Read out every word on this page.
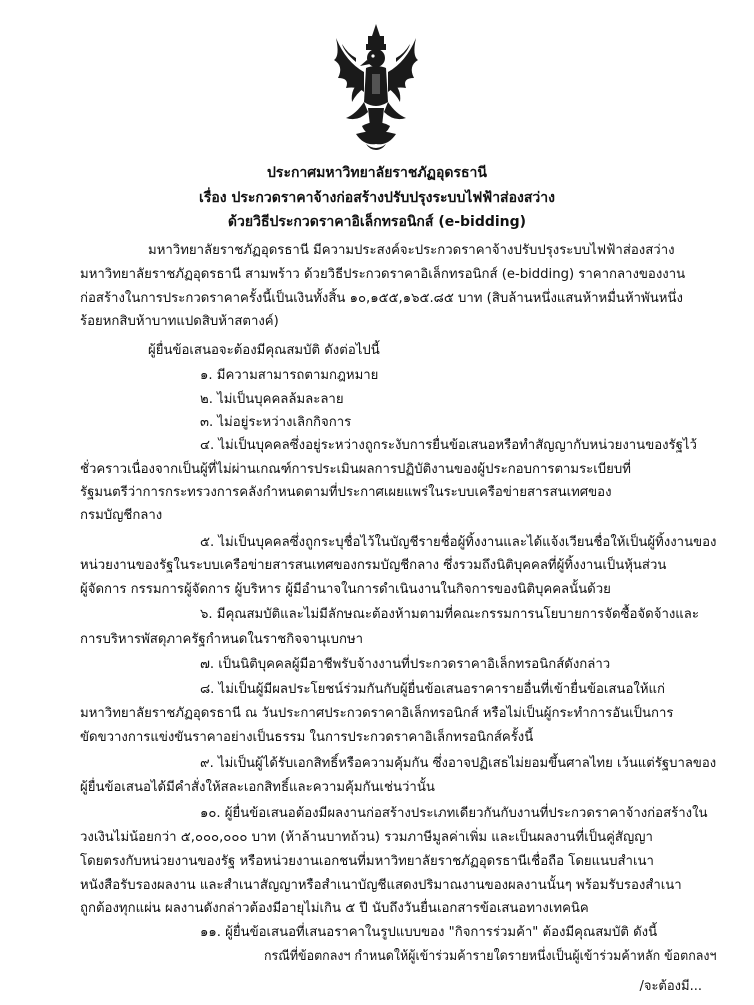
ประกาศมหาวิทยาลัยราชภัฏอุดรธานี
เรื่อง ประกวดราคาจ้างก่อสร้างปรับปรุงระบบไฟฟ้าส่องสว่าง
ด้วยวิธีประกวดราคาอิเล็กทรอนิกส์ (e-bidding)
มหาวิทยาลัยราชภัฏอุดรธานี มีความประสงค์จะประกวดราคาจ้างปรับปรุงระบบไฟฟ้าส่องสว่าง
มหาวิทยาลัยราชภัฏอุดรธานี สามพร้าว ด้วยวิธีประกวดราคาอิเล็กทรอนิกส์ (e-bidding) ราคากลางของงาน
ก่อสร้างในการประกวดราคาครั้งนี้เป็นเงินทั้งสิ้น ๑๐,๑๕๕,๑๖๕.๘๕ บาท (สิบล้านหนึ่งแสนห้าหมื่นห้าพันหนึ่ง
ร้อยหกสิบห้าบาทแปดสิบห้าสตางค์)
ผู้ยื่นข้อเสนอจะต้องมีคุณสมบัติ ดังต่อไปนี้
๑. มีความสามารถตามกฎหมาย
๒. ไม่เป็นบุคคลล้มละลาย
๓. ไม่อยู่ระหว่างเลิกกิจการ
๔. ไม่เป็นบุคคลซึ่งอยู่ระหว่างถูกระงับการยื่นข้อเสนอหรือทำสัญญากับหน่วยงานของรัฐไว้
ชั่วคราวเนื่องจากเป็นผู้ที่ไม่ผ่านเกณฑ์การประเมินผลการปฏิบัติงานของผู้ประกอบการตามระเบียบที่
รัฐมนตรีว่าการกระทรวงการคลังกำหนดตามที่ประกาศเผยแพร่ในระบบเครือข่ายสารสนเทศของ
กรมบัญชีกลาง
๕. ไม่เป็นบุคคลซึ่งถูกระบุชื่อไว้ในบัญชีรายชื่อผู้ทิ้งงานและได้แจ้งเวียนชื่อให้เป็นผู้ทิ้งงานของ
หน่วยงานของรัฐในระบบเครือข่ายสารสนเทศของกรมบัญชีกลาง ซึ่งรวมถึงนิติบุคคลที่ผู้ทิ้งงานเป็นหุ้นส่วน
ผู้จัดการ กรรมการผู้จัดการ ผู้บริหาร ผู้มีอำนาจในการดำเนินงานในกิจการของนิติบุคคลนั้นด้วย
๖. มีคุณสมบัติและไม่มีลักษณะต้องห้ามตามที่คณะกรรมการนโยบายการจัดซื้อจัดจ้างและ
การบริหารพัสดุภาครัฐกำหนดในราชกิจจานุเบกษา
๗. เป็นนิติบุคคลผู้มีอาชีพรับจ้างงานที่ประกวดราคาอิเล็กทรอนิกส์ดังกล่าว
๘. ไม่เป็นผู้มีผลประโยชน์ร่วมกันกับผู้ยื่นข้อเสนอราคารายอื่นที่เข้ายื่นข้อเสนอให้แก่
มหาวิทยาลัยราชภัฏอุดรธานี ณ วันประกาศประกวดราคาอิเล็กทรอนิกส์ หรือไม่เป็นผู้กระทำการอันเป็นการ
ขัดขวางการแข่งขันราคาอย่างเป็นธรรม ในการประกวดราคาอิเล็กทรอนิกส์ครั้งนี้
๙. ไม่เป็นผู้ได้รับเอกสิทธิ์หรือความคุ้มกัน ซึ่งอาจปฏิเสธไม่ยอมขึ้นศาลไทย เว้นแต่รัฐบาลของ
ผู้ยื่นข้อเสนอได้มีคำสั่งให้สละเอกสิทธิ์และความคุ้มกันเช่นว่านั้น
๑๐. ผู้ยื่นข้อเสนอต้องมีผลงานก่อสร้างประเภทเดียวกันกับงานที่ประกวดราคาจ้างก่อสร้างใน
วงเงินไม่น้อยกว่า ๕,๐๐๐,๐๐๐ บาท (ห้าล้านบาทถ้วน) รวมภาษีมูลค่าเพิ่ม และเป็นผลงานที่เป็นคู่สัญญา
โดยตรงกับหน่วยงานของรัฐ หรือหน่วยงานเอกชนที่มหาวิทยาลัยราชภัฏอุดรธานีเชื่อถือ โดยแนบสำเนา
หนังสือรับรองผลงาน และสำเนาสัญญาหรือสำเนาบัญชีแสดงปริมาณงานของผลงานนั้นๆ พร้อมรับรองสำเนา
ถูกต้องทุกแผ่น ผลงานดังกล่าวต้องมีอายุไม่เกิน ๕ ปี นับถึงวันยื่นเอกสารข้อเสนอทางเทคนิค
๑๑. ผู้ยื่นข้อเสนอที่เสนอราคาในรูปแบบของ "กิจการร่วมค้า" ต้องมีคุณสมบัติ ดังนี้
กรณีที่ข้อตกลงฯ กำหนดให้ผู้เข้าร่วมค้ารายใดรายหนึ่งเป็นผู้เข้าร่วมค้าหลัก ข้อตกลงฯ
/จะต้องมี...
